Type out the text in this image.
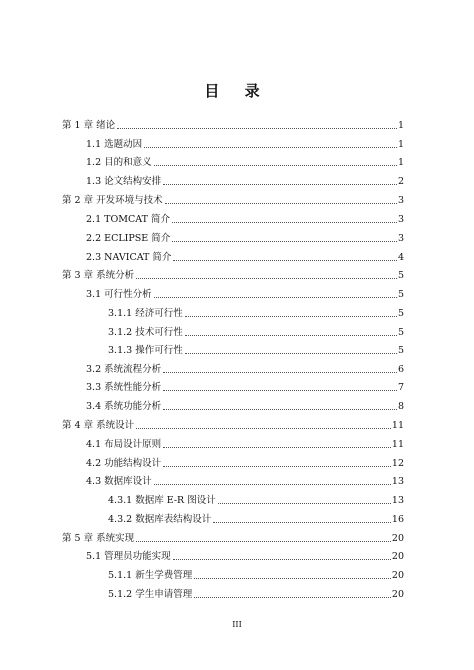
目 录
第 1 章 绪论	1
1.1 选题动因	1
1.2 目的和意义	1
1.3 论文结构安排	2
第 2 章 开发环境与技术	3
2.1 TOMCAT 简介	3
2.2 ECLIPSE 简介	3
2.3 NAVICAT 简介	4
第 3 章 系统分析	5
3.1 可行性分析	5
3.1.1 经济可行性	5
3.1.2 技术可行性	5
3.1.3 操作可行性	5
3.2 系统流程分析	6
3.3 系统性能分析	7
3.4 系统功能分析	8
第 4 章 系统设计	11
4.1 布局设计原则	11
4.2 功能结构设计	12
4.3 数据库设计	13
4.3.1 数据库 E-R 图设计	13
4.3.2 数据库表结构设计	16
第 5 章 系统实现	20
5.1 管理员功能实现	20
5.1.1 新生学费管理	20
5.1.2 学生申请管理	20
III
